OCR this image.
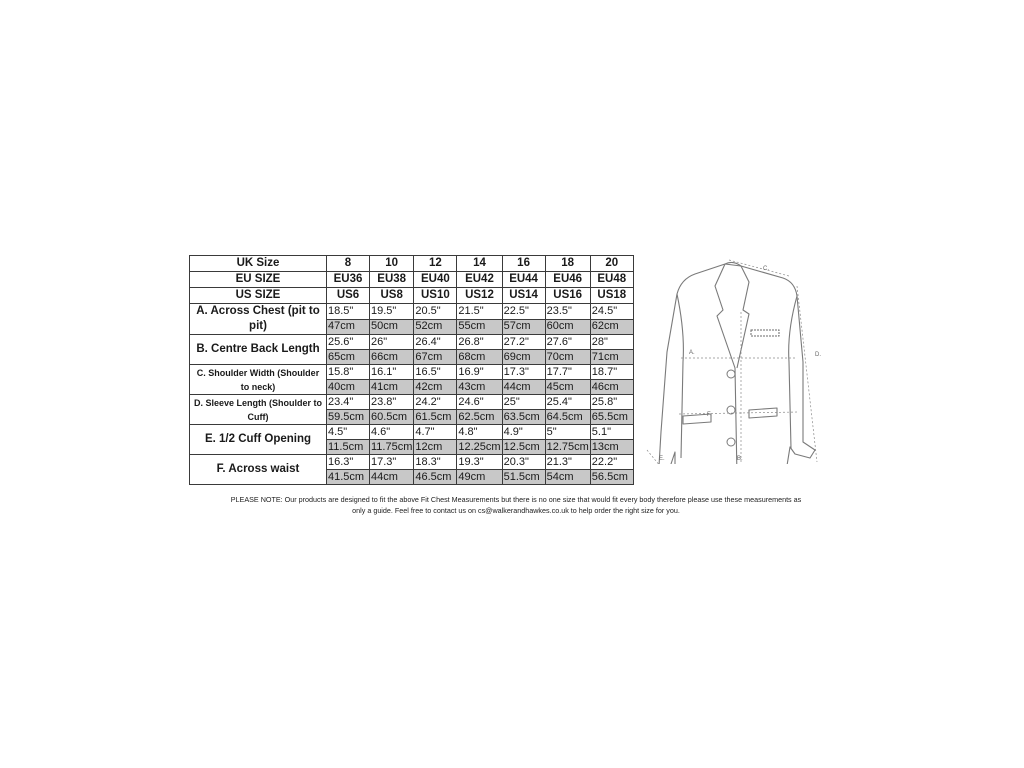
UK Size	8	10	12	14	16	18	20
EU SIZE	EU36	EU38	EU40	EU42	EU44	EU46	EU48
US SIZE	US6	US8	US10	US12	US14	US16	US18
A. Across Chest (pit to pit)	18.5"	19.5"	20.5"	21.5"	22.5"	23.5"	24.5"
	47cm	50cm	52cm	55cm	57cm	60cm	62cm
B. Centre Back Length	25.6"	26"	26.4"	26.8"	27.2"	27.6"	28"
	65cm	66cm	67cm	68cm	69cm	70cm	71cm
C. Shoulder Width (Shoulder to neck)	15.8"	16.1"	16.5"	16.9"	17.3"	17.7"	18.7"
	40cm	41cm	42cm	43cm	44cm	45cm	46cm
D. Sleeve Length (Shoulder to Cuff)	23.4"	23.8"	24.2"	24.6"	25"	25.4"	25.8"
	59.5cm	60.5cm	61.5cm	62.5cm	63.5cm	64.5cm	65.5cm
E. 1/2 Cuff Opening	4.5"	4.6"	4.7"	4.8"	4.9"	5"	5.1"
	11.5cm	11.75cm	12cm	12.25cm	12.5cm	12.75cm	13cm
F. Across waist	16.3"	17.3"	18.3"	19.3"	20.3"	21.3"	22.2"
	41.5cm	44cm	46.5cm	49cm	51.5cm	54cm	56.5cm
PLEASE NOTE: Our products are designed to fit the above Fit Chest Measurements but there is no one size that would fit every body therefore please use these measurements as
only a guide. Feel free to contact us on cs@walkerandhawkes.co.uk to help order the right size for you.
A.
B.
C.
D.
E.
F.
